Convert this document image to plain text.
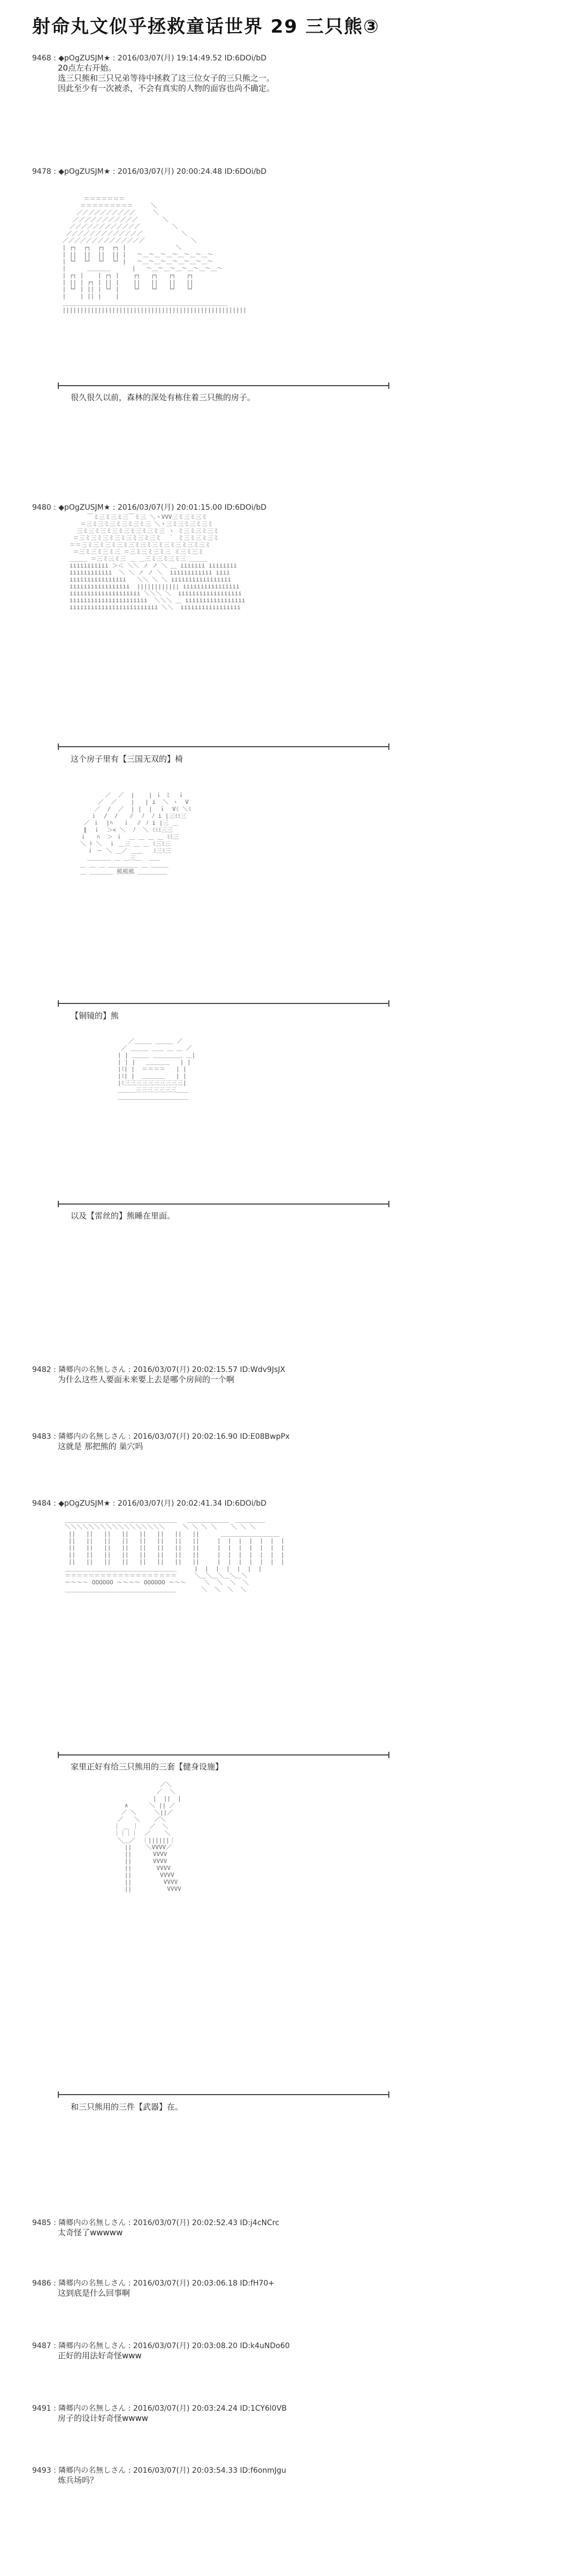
射命丸文似乎拯救童话世界 29 三只熊③
9468 : ◆pOgZUSJM★ : 2016/03/07(月) 19:14:49.52 ID:6DOi/bD
20点左右开始。
选三只熊和三只兄弟等待中拯救了这三位女子的三只熊之一。
因此至少有一次被杀，不会有真实的人物的面容也尚不确定。
9478 : ◆pOgZUSJM★ : 2016/03/07(月) 20:00:24.48 ID:6DOi/bD
＝＝＝＝＝＝＝
＝＝＝＝＝＝＝＝＝     ＼
／／／／／／／／／／     ＼
／／／／／／／／／／／       ＼
／／／／／／／／／／／／         ＼
／／／／／／／／／／／／／           ＼
／／／／／／／／／／／／／／             ＼
| ┌┐  ┌┐  ┌┐  ┌┐ |              ＼
| ||  ||  ||  || |   ～＿～＿～＿～＿～＿～＿～
| └┘  └┘  └┘  └┘ |   ～＿～＿～＿～＿～＿～＿～
|      ＿＿＿＿      |   ～＿～＿～＿～＿～＿～＿～
| ┌┐ |    | ┌┐ |    ┌┐   ┌┐   ┌┐   ┌┐
| || | ┌┐ | || |    ||   ||   ||   ||
| └┘ | || | └┘ |    └┘   └┘   └┘   └┘
|    | || |    |
＿＿＿＿＿＿＿＿＿＿＿＿＿＿＿＿＿＿＿＿＿＿＿＿＿＿＿＿
||||||||||||||||||||||||||||||||||||||||||||||||||||
很久很久以前，森林的深处有栋住着三只熊的房子。
9480 : ◆pOgZUSJM★ : 2016/03/07(月) 20:01:15.00 ID:6DOi/bD
￣ミ三ミ三ミ三￣ミ三 ＼ヽVVV三ミ三ミ三ミ
＝三ミ三ミ三ミ三ミ三ミ三 ＼ヽ三ミ三ミ三ミ三ミ
三ミ三ミ三ミ三ミ三ミ三ミ三ミ三 ヽ ミ三ミ三ミ三ミ
＝三ミ三ミ三ミ三ミ三ミ三ミ三ミ  ｀ ミ三ミ三ミ三ミ
＝＝三ミ三ミ三ミ三ミ三ミ三ミ三ミ三ミ三ミ三ミ三ミ
＝三ミ三ミ三ミ三 ＝三ミ三ミ三ミ三 ミ三ミ三ミ
＿＿＿ ＝三ミ三ミ三 ＿ ＿三ミ三ミ三ミ三 ＿＿＿
iiiiiiiiiii ＞＜ ＼＼ ノ ノ ＼ ＿ iiiiiii iiiiiiii
iiiiiiiiiiii  ＼ ＼ ノ ノ ＼  iiiiiiiiiiii iiii
iiiiiiiiiiiiiiii   ＼＼ ＼ ＼ iiiiiiiiiiiiiiiii
iiiiiiiiiiiiiiiii  |||||||||||| iiiiiiiiiiiiiiii
iiiiiiiiiiiiiiiiiiii ＼＼＼ ＼  iiiiiiiiiiiiiiiiii
iiiiiiiiiiiiiiiiiiiiii  ＼＼＼ ＿ iiiiiiiiiiiiiiiii
iiiiiiiiiiiiiiiiiiiiiiiii ＼＼  iiiiiiiiiiiiiiiii
这个房子里有【三国无双的】椅
／  ／  |    | ｉ ミ  ｉ
／  ／    |   | i  ＼ ヽ  V
／  /  ／  | |  |  ｉ  Vﾐ ＼ﾐ
ｉ  /  /   ∥  ﾉ  ﾉ i |三ﾐﾐ三
／ ｉ  |ﾊ   ｉ  ∥ ﾉ i |三 ＿
∥  ｉ  ＞< ＼  ﾉ  ＼ ﾐﾐﾐ三三
ｉ   ﾊ  ＞ ｉ  ＿ ＿ ＿ ＿ ﾐﾐ三
＼ ﾄ ＼  ｉ ＿三 ＿ ＿ ﾐ三ﾐ三
ｉ ー ＼ ＿／ ＿＿   ﾐ三ﾐ三
＿＿＿＿ ＿ ＿三＿  ＿＿
＿ ＿ ＿ ＿＿＿＿＿ ＿ ＿＿＿
＿ ＿＿＿＿ 熊熊熊 ＿＿＿＿＿
【铜镜的】熊
／＿＿＿ ＿＿＿ ／
／ ＿＿＿ ＿＿ ＿ ＿ ／
| | ＿＿＿ ＿＿＿＿＿ ＿|
| | |   ＿＿＿＿   | |
|ﾐ| |  ＝＝＝＝   | |
|ﾐ| |  ＿＿＿＿   | |
|ﾐ三三三三三三三三三三|
＿＿＿三三三三三三三＿＿
＿＿＿＿＿＿＿＿＿＿＿＿
以及【雷丝的】熊睡在里面。
9482 : 隣郷内の名無しさん : 2016/03/07(月) 20:02:15.57 ID:Wdv9JsJX
为什么这些人要面未来要上去是哪个房间的一个啊
9483 : 隣郷内の名無しさん : 2016/03/07(月) 20:02:16.90 ID:E08BwpPx
这就是 那把熊的 巢穴吗
9484 : ◆pOgZUSJM★ : 2016/03/07(月) 20:02:41.34 ID:6DOi/bD
＿＿＿＿＿＿＿＿＿＿＿＿＿＿＿＿＿＿＿   ＿＿＿＿＿＿＿  ＿＿＿＿＿
＼＼＼＼＼＼＼＼＼＼＼＼＼＼＼＼＼     ＼ ＼ ＼ ＼    ＼ ＼ ＼
||   ||   ||   ||   ||   ||   ||   ||      ＿＿＿＿＿＿＿＿＿＿
||   ||   ||   ||   ||   ||   ||   ||     |  |  |  |  |  |  |
||   ||   ||   ||   ||   ||   ||   ||     |  |  |  |  |  |  |
||   ||   ||   ||   ||   ||   ||   ||     |  |  |  |  |  |  |
||   ||   ||   ||   ||   ||   ||   ||     |  |  |  |  |  |  |
＿＿＿＿＿＿＿＿＿＿＿＿＿＿＿＿＿＿＿     |  |  |  |  |  |  |
＝＝＝＝＝＝＝＝＝＝＝＝＝＝＝＝＝＝＝     ＼＿＼＿＼＿＼＿＼
～～～～ OOOOOO ～～～～ OOOOOO ～～～     ＼  ＼  ＼  ＼
＿＿＿＿＿＿＿＿＿＿＿＿＿＿＿＿＿＿＿       ＼  ＼  ＼  ＼
家里正好有给三只熊用的三套【健身设施】
／＼
／  ＼
|  ||  |
∧      ＼ || ／
／ ＼     ＼||／
／   ＼    ／＼
｜ ＿ ｜   ／  ＼
｜｜｜｜  ／    ＼
＼＿／  ｜||||||｜
||    ＼VVVV／
||      VVVV
||      VVVV
||       VVVV
||        VVVV
||         VVVV
||          VVVV
和三只熊用的三件【武器】在。
9485 : 隣郷内の名無しさん : 2016/03/07(月) 20:02:52.43 ID:j4cNCrc
太奇怪了wwwww
9486 : 隣郷内の名無しさん : 2016/03/07(月) 20:03:06.18 ID:fH70+
这到底是什么回事啊
9487 : 隣郷内の名無しさん : 2016/03/07(月) 20:03:08.20 ID:k4uNDo60
正好的用法好奇怪www
9491 : 隣郷内の名無しさん : 2016/03/07(月) 20:03:24.24 ID:1CY6l0VB
房子的设计好奇怪wwww
9493 : 隣郷内の名無しさん : 2016/03/07(月) 20:03:54.33 ID:f6onmJgu
炼兵场吗？
